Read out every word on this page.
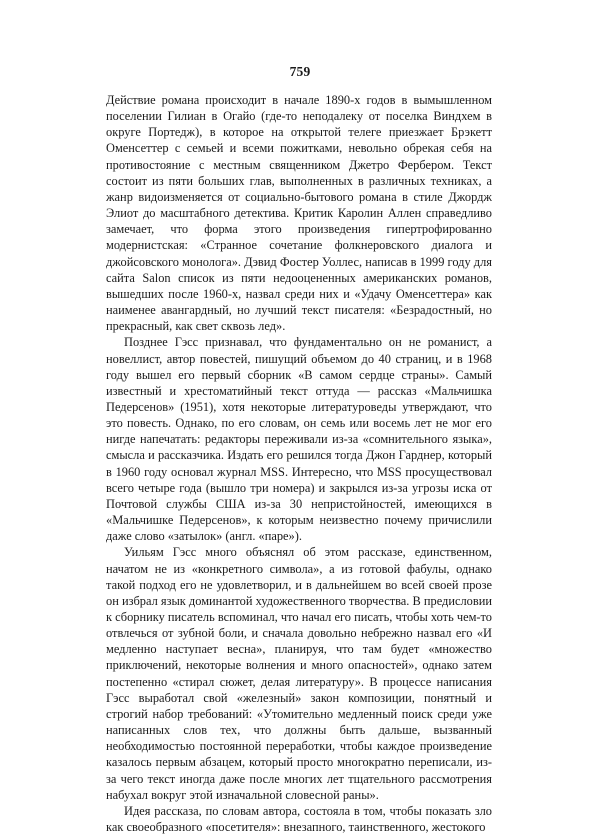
759

Действие романа происходит в начале 1890-х годов в вымышленном поселении Гилиан в Огайо (где-то неподалеку от поселка Виндхем в округе Портедж), в которое на открытой телеге приезжает Брэкетт Оменсеттер с семьей и всеми пожитками, невольно обрекая себя на противостояние с местным священником Джетро Фербером. Текст состоит из пяти больших глав, выполненных в различных техниках, а жанр видоизменяется от социально-бытового романа в стиле Джордж Элиот до масштабного детектива. Критик Каролин Аллен справедливо замечает, что форма этого произведения гипертрофированно модернистская: «Странное сочетание фолкнеровского диалога и джойсовского монолога». Дэвид Фостер Уоллес, написав в 1999 году для сайта Salon список из пяти недооцененных американских романов, вышедших после 1960-х, назвал среди них и «Удачу Оменсеттера» как наименее авангардный, но лучший текст писателя: «Безрадостный, но прекрасный, как свет сквозь лед».

Позднее Гэсс признавал, что фундаментально он не романист, а новеллист, автор повестей, пишущий объемом до 40 страниц, и в 1968 году вышел его первый сборник «В самом сердце страны». Самый известный и хрестоматийный текст оттуда — рассказ «Мальчишка Педерсенов» (1951), хотя некоторые литературоведы утверждают, что это повесть. Однако, по его словам, он семь или восемь лет не мог его нигде напечатать: редакторы переживали из-за «сомнительного языка», смысла и рассказчика. Издать его решился тогда Джон Гарднер, который в 1960 году основал журнал MSS. Интересно, что MSS просуществовал всего четыре года (вышло три номера) и закрылся из-за угрозы иска от Почтовой службы США из-за 30 непристойностей, имеющихся в «Мальчишке Педерсенов», к которым неизвестно почему причислили даже слово «затылок» (англ. «паре»).

Уильям Гэсс много объяснял об этом рассказе, единственном, начатом не из «конкретного символа», а из готовой фабулы, однако такой подход его не удовлетворил, и в дальнейшем во всей своей прозе он избрал язык доминантой художественного творчества. В предисловии к сборнику писатель вспоминал, что начал его писать, чтобы хоть чем-то отвлечься от зубной боли, и сначала довольно небрежно назвал его «И медленно наступает весна», планируя, что там будет «множество приключений, некоторые волнения и много опасностей», однако затем постепенно «стирал сюжет, делая литературу». В процессе написания Гэсс выработал свой «железный» закон композиции, понятный и строгий набор требований: «Утомительно медленный поиск среди уже написанных слов тех, что должны быть дальше, вызванный необходимостью постоянной переработки, чтобы каждое произведение казалось первым абзацем, который просто многократно переписали, из-за чего текст иногда даже после многих лет тщательного рассмотрения набухал вокруг этой изначальной словесной раны».

Идея рассказа, по словам автора, состояла в том, чтобы показать зло как своеобразного «посетителя»: внезапного, таинственного, жестокого
